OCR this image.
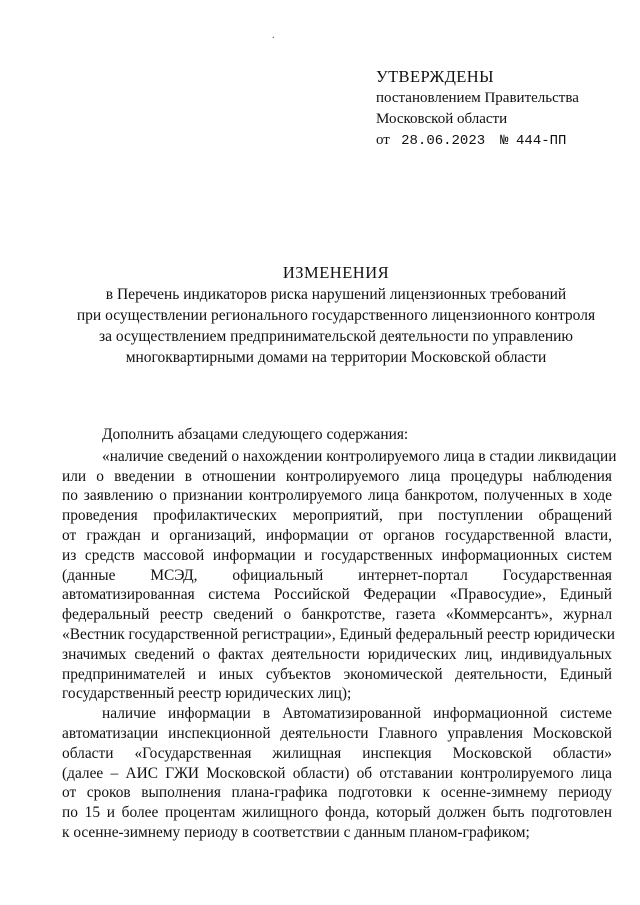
.
УТВЕРЖДЕНЫ
постановлением Правительства
Московской области
от 28.06.2023 № 444-ПП
ИЗМЕНЕНИЯ
в Перечень индикаторов риска нарушений лицензионных требований
при осуществлении регионального государственного лицензионного контроля
за осуществлением предпринимательской деятельности по управлению
многоквартирными домами на территории Московской области
Дополнить абзацами следующего содержания:
«наличие сведений о нахождении контролируемого лица в стадии ликвидации
или о введении в отношении контролируемого лица процедуры наблюдения
по заявлению о признании контролируемого лица банкротом, полученных в ходе
проведения профилактических мероприятий, при поступлении обращений
от граждан и организаций, информации от органов государственной власти,
из средств массовой информации и государственных информационных систем
(данные МСЭД, официальный интернет-портал Государственная
автоматизированная система Российской Федерации «Правосудие», Единый
федеральный реестр сведений о банкротстве, газета «Коммерсантъ», журнал
«Вестник государственной регистрации», Единый федеральный реестр юридически
значимых сведений о фактах деятельности юридических лиц, индивидуальных
предпринимателей и иных субъектов экономической деятельности, Единый
государственный реестр юридических лиц);
наличие информации в Автоматизированной информационной системе
автоматизации инспекционной деятельности Главного управления Московской
области «Государственная жилищная инспекция Московской области»
(далее – АИС ГЖИ Московской области) об отставании контролируемого лица
от сроков выполнения плана-графика подготовки к осенне-зимнему периоду
по 15 и более процентам жилищного фонда, который должен быть подготовлен
к осенне-зимнему периоду в соответствии с данным планом-графиком;
